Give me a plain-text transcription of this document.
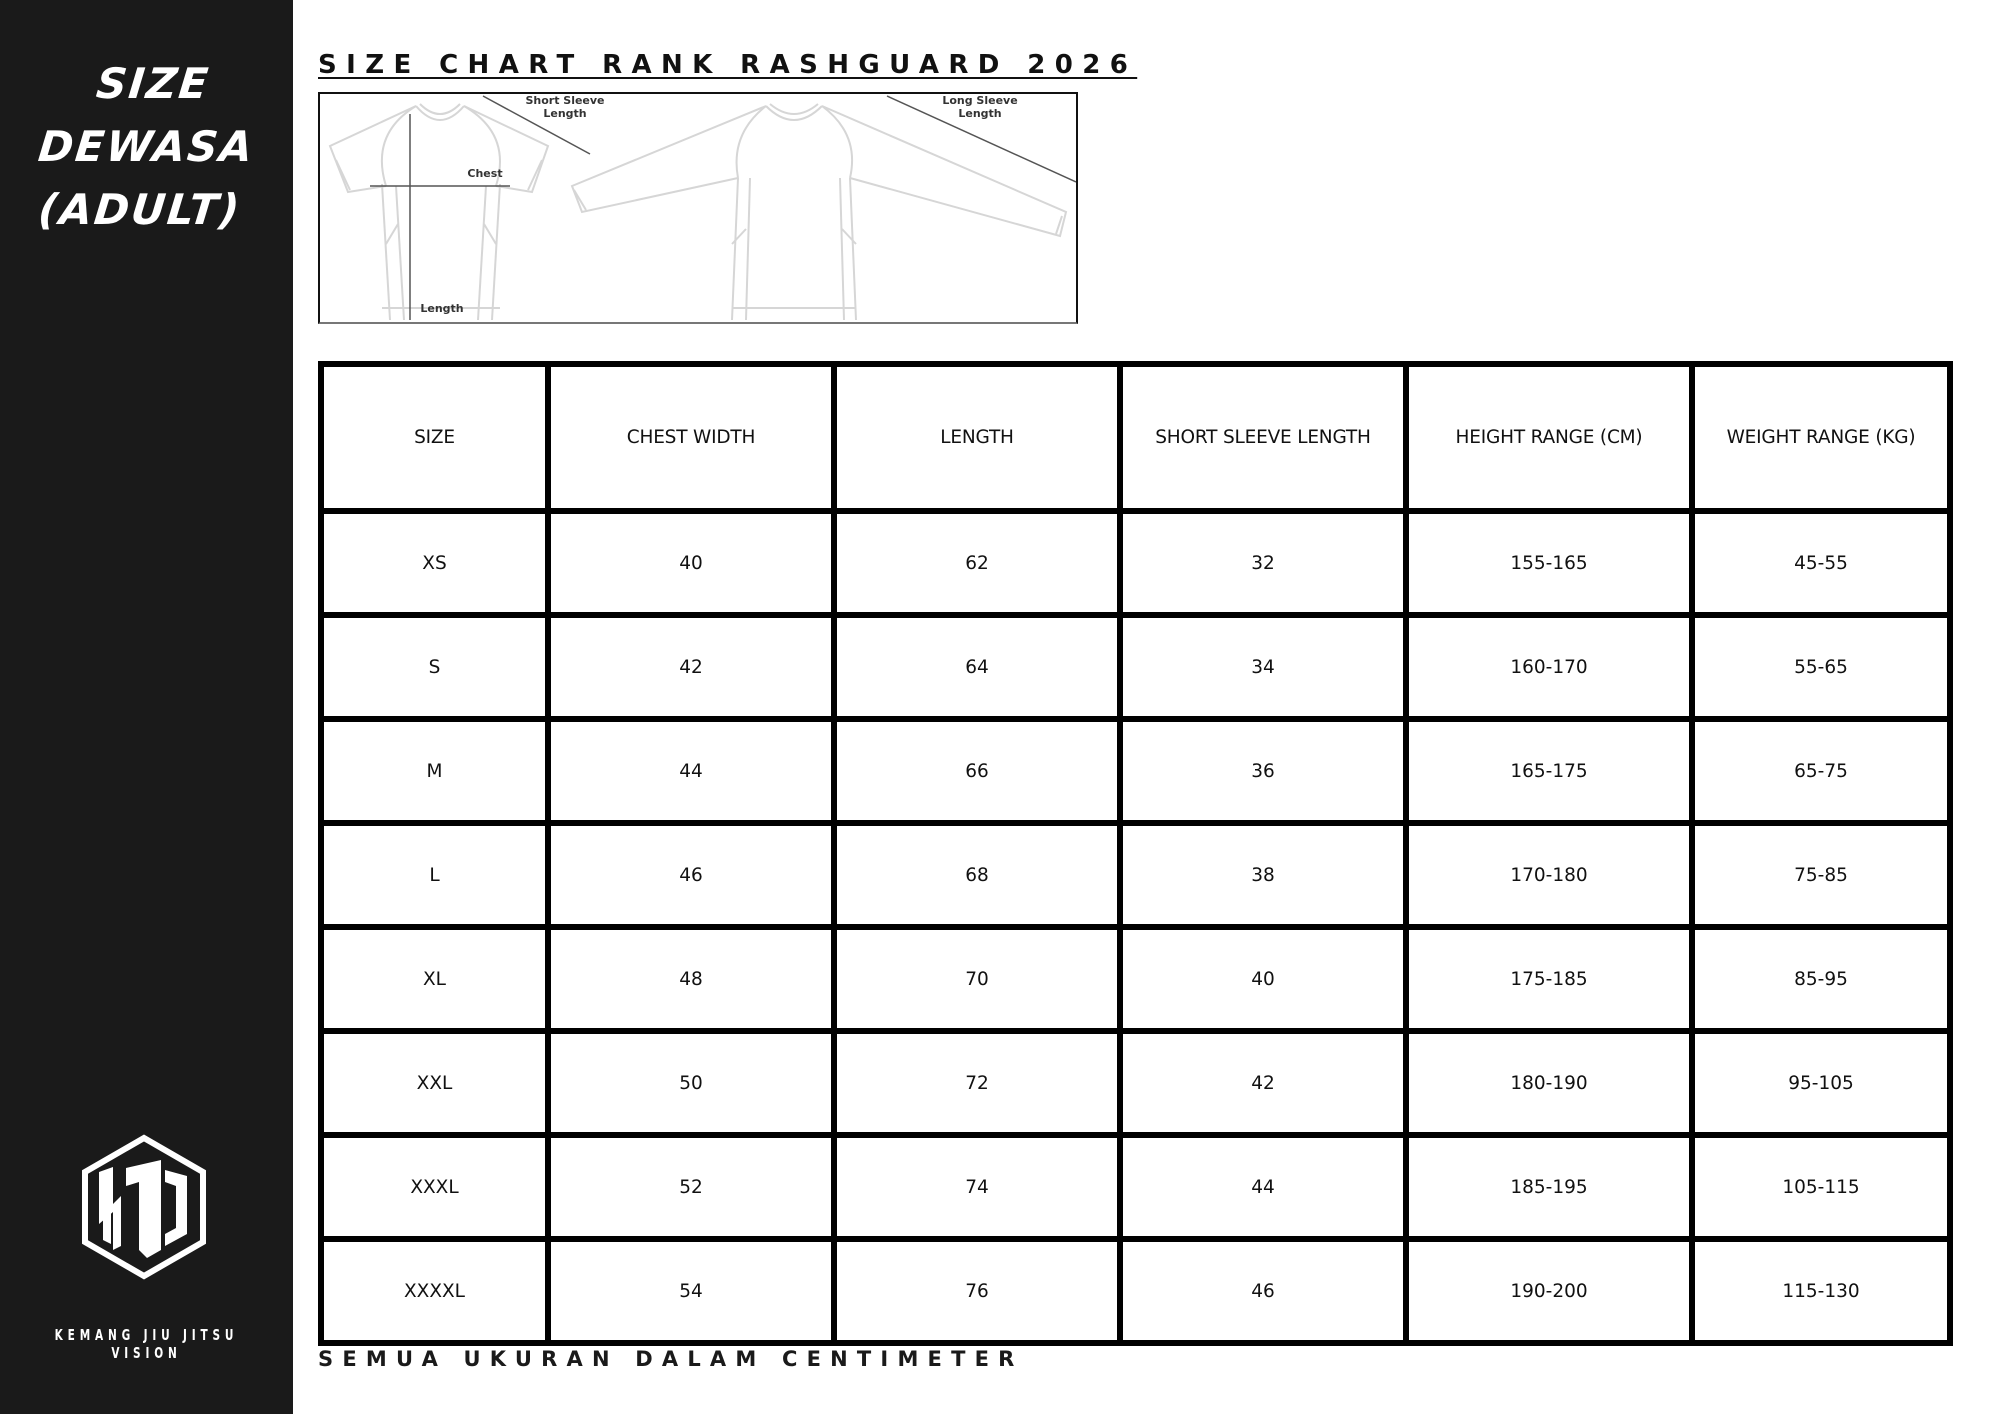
SIZE
DEWASA
(ADULT)
KEMANG JIU JITSU VISION
SIZE CHART RANK RASHGUARD 2026
Short Sleeve
Length
Chest
Length
Long Sleeve
Length
SIZE	CHEST WIDTH	LENGTH	SHORT SLEEVE LENGTH	HEIGHT RANGE (CM)	WEIGHT RANGE (KG)
XS	40	62	32	155-165	45-55
S	42	64	34	160-170	55-65
M	44	66	36	165-175	65-75
L	46	68	38	170-180	75-85
XL	48	70	40	175-185	85-95
XXL	50	72	42	180-190	95-105
XXXL	52	74	44	185-195	105-115
XXXXL	54	76	46	190-200	115-130
SEMUA UKURAN DALAM CENTIMETER
